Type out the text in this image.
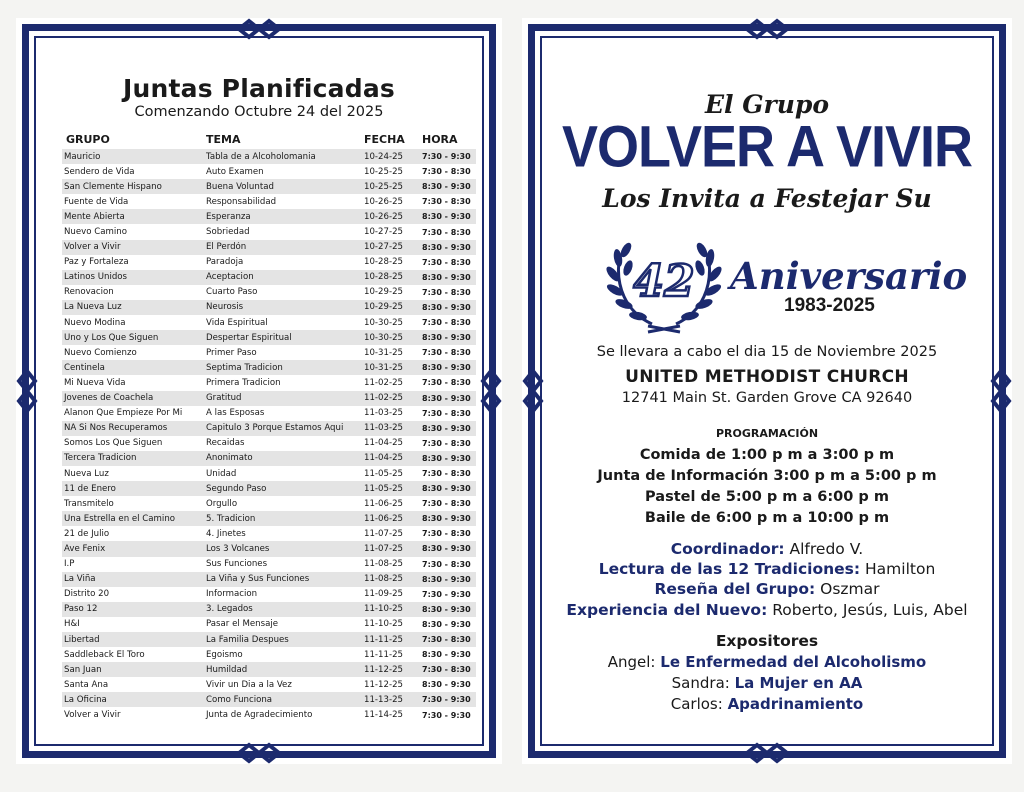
Juntas Planificadas
Comenzando Octubre 24 del 2025
GRUPO	TEMA	FECHA	HORA
Mauricio	Tabla de a Alcoholomania	10-24-25	7:30 - 9:30
Sendero de Vida	Auto Examen	10-25-25	7:30 - 8:30
San Clemente Hispano	Buena Voluntad	10-25-25	8:30 - 9:30
Fuente de Vida	Responsabilidad	10-26-25	7:30 - 8:30
Mente Abierta	Esperanza	10-26-25	8:30 - 9:30
Nuevo Camino	Sobriedad	10-27-25	7:30 - 8:30
Volver a Vivir	El Perdón	10-27-25	8:30 - 9:30
Paz y Fortaleza	Paradoja	10-28-25	7:30 - 8:30
Latinos Unidos	Aceptacion	10-28-25	8:30 - 9:30
Renovacion	Cuarto Paso	10-29-25	7:30 - 8:30
La Nueva Luz	Neurosis	10-29-25	8:30 - 9:30
Nuevo Modina	Vida Espiritual	10-30-25	7:30 - 8:30
Uno y Los Que Siguen	Despertar Espiritual	10-30-25	8:30 - 9:30
Nuevo Comienzo	Primer Paso	10-31-25	7:30 - 8:30
Centinela	Septima Tradicion	10-31-25	8:30 - 9:30
Mi Nueva Vida	Primera Tradicion	11-02-25	7:30 - 8:30
Jovenes de Coachela	Gratitud	11-02-25	8:30 - 9:30
Alanon Que Empieze Por Mi	A las Esposas	11-03-25	7:30 - 8:30
NA Si Nos Recuperamos	Capitulo 3 Porque Estamos Aqui	11-03-25	8:30 - 9:30
Somos Los Que Siguen	Recaidas	11-04-25	7:30 - 8:30
Tercera Tradicion	Anonimato	11-04-25	8:30 - 9:30
Nueva Luz	Unidad	11-05-25	7:30 - 8:30
11 de Enero	Segundo Paso	11-05-25	8:30 - 9:30
Transmitelo	Orgullo	11-06-25	7:30 - 8:30
Una Estrella en el Camino	5. Tradicion	11-06-25	8:30 - 9:30
21 de Julio	4. Jinetes	11-07-25	7:30 - 8:30
Ave Fenix	Los 3 Volcanes	11-07-25	8:30 - 9:30
I.P	Sus Funciones	11-08-25	7:30 - 8:30
La Viña	La Viña y Sus Funciones	11-08-25	8:30 - 9:30
Distrito 20	Informacion	11-09-25	7:30 - 9:30
Paso 12	3. Legados	11-10-25	8:30 - 9:30
H&I	Pasar el Mensaje	11-10-25	8:30 - 9:30
Libertad	La Familia Despues	11-11-25	7:30 - 8:30
Saddleback El Toro	Egoismo	11-11-25	8:30 - 9:30
San Juan	Humildad	11-12-25	7:30 - 8:30
Santa Ana	Vivir un Dia a la Vez	11-12-25	8:30 - 9:30
La Oficina	Como Funciona	11-13-25	7:30 - 9:30
Volver a Vivir	Junta de Agradecimiento	11-14-25	7:30 - 9:30
El Grupo
VOLVER A VIVIR
Los Invita a Festejar Su
42 Aniversario
1983-2025
Se llevara a cabo el dia 15 de Noviembre 2025
UNITED METHODIST CHURCH
12741 Main St. Garden Grove CA 92640
PROGRAMACIÓN
Comida de 1:00 p m a 3:00 p m
Junta de Información 3:00 p m a 5:00 p m
Pastel de 5:00 p m a 6:00 p m
Baile de 6:00 p m a 10:00 p m
Coordinador: Alfredo V.
Lectura de las 12 Tradiciones: Hamilton
Reseña del Grupo: Oszmar
Experiencia del Nuevo: Roberto, Jesús, Luis, Abel
Expositores
Angel: Le Enfermedad del Alcoholismo
Sandra: La Mujer en AA
Carlos: Apadrinamiento
